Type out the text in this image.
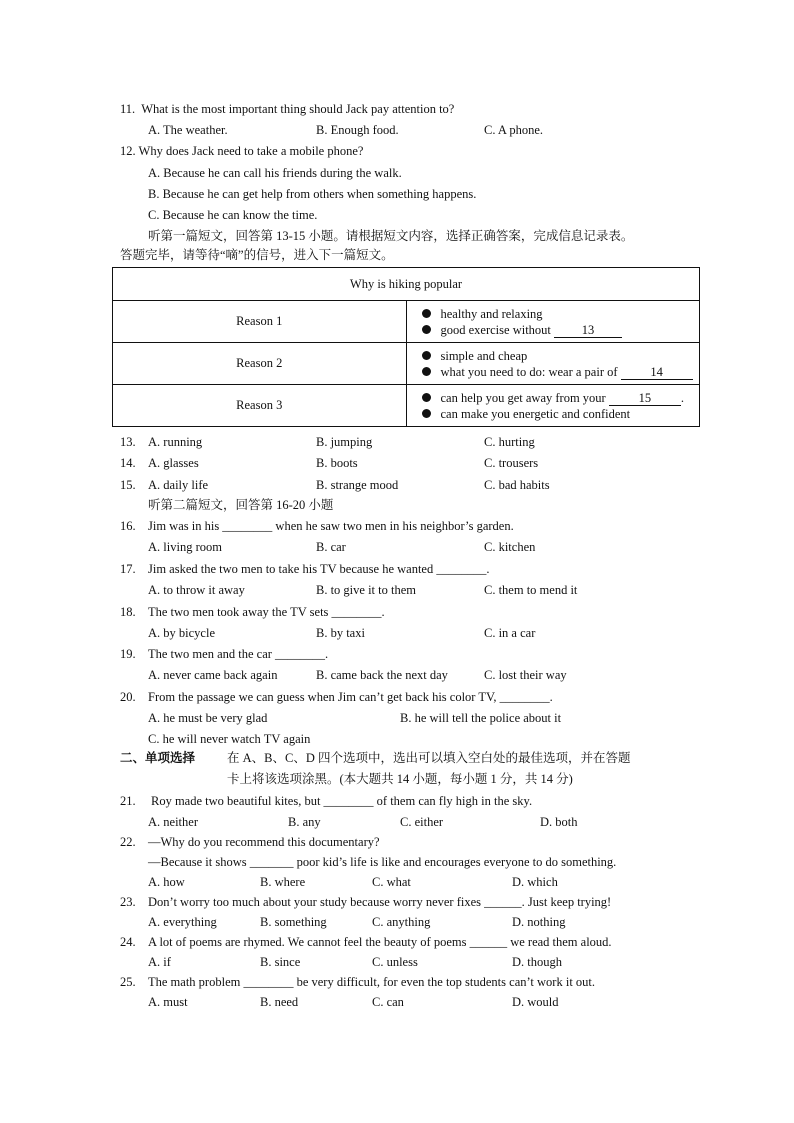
11. What is the most important thing should Jack pay attention to?
A. The weather.	B. Enough food.	C. A phone.
12. Why does Jack need to take a mobile phone?
A. Because he can call his friends during the walk.
B. Because he can get help from others when something happens.
C. Because he can know the time.
听第一篇短文，回答第 13-15 小题。请根据短文内容，选择正确答案，完成信息记录表。
答题完毕，请等待“嘀”的信号，进入下一篇短文。
Why is hiking popular	
Reason 1	healthy and relaxing
good exercise without 13

Reason 2	simple and cheap
what you need to do: wear a pair of 14

Reason 3	can help you get away from your 15 .
can make you energetic and confident
13. A. running	B. jumping	C. hurting
14. A. glasses	B. boots	C. trousers
15. A. daily life	B. strange mood	C. bad habits
听第二篇短文，回答第 16-20 小题
16. Jim was in his ________ when he saw two men in his neighbor’s garden.
A. living room	B. car	C. kitchen
17. Jim asked the two men to take his TV because he wanted ________.
A. to throw it away	B. to give it to them	C. them to mend it
18. The two men took away the TV sets ________.
A. by bicycle	B. by taxi	C. in a car
19. The two men and the car ________.
A. never came back again	B. came back the next day	C. lost their way
20. From the passage we can guess when Jim can’t get back his color TV, ________.
A. he must be very glad	B. he will tell the police about it
C. he will never watch TV again
二、单项选择	在 A、B、C、D 四个选项中，选出可以填入空白处的最佳选项，并在答题
卡上将该选项涂黑。(本大题共 14 小题，每小题 1 分，共 14 分)
21. Roy made two beautiful kites, but ________ of them can fly high in the sky.
A. neither	B. any	C. either	D. both
22. —Why do you recommend this documentary?
—Because it shows _______ poor kid’s life is like and encourages everyone to do something.
A. how	B. where	C. what	D. which
23. Don’t worry too much about your study because worry never fixes ______. Just keep trying!
A. everything	B. something	C. anything	D. nothing
24. A lot of poems are rhymed. We cannot feel the beauty of poems ______ we read them aloud.
A. if	B. since	C. unless	D. though
25. The math problem ________ be very difficult, for even the top students can’t work it out.
A. must	B. need	C. can	D. would
